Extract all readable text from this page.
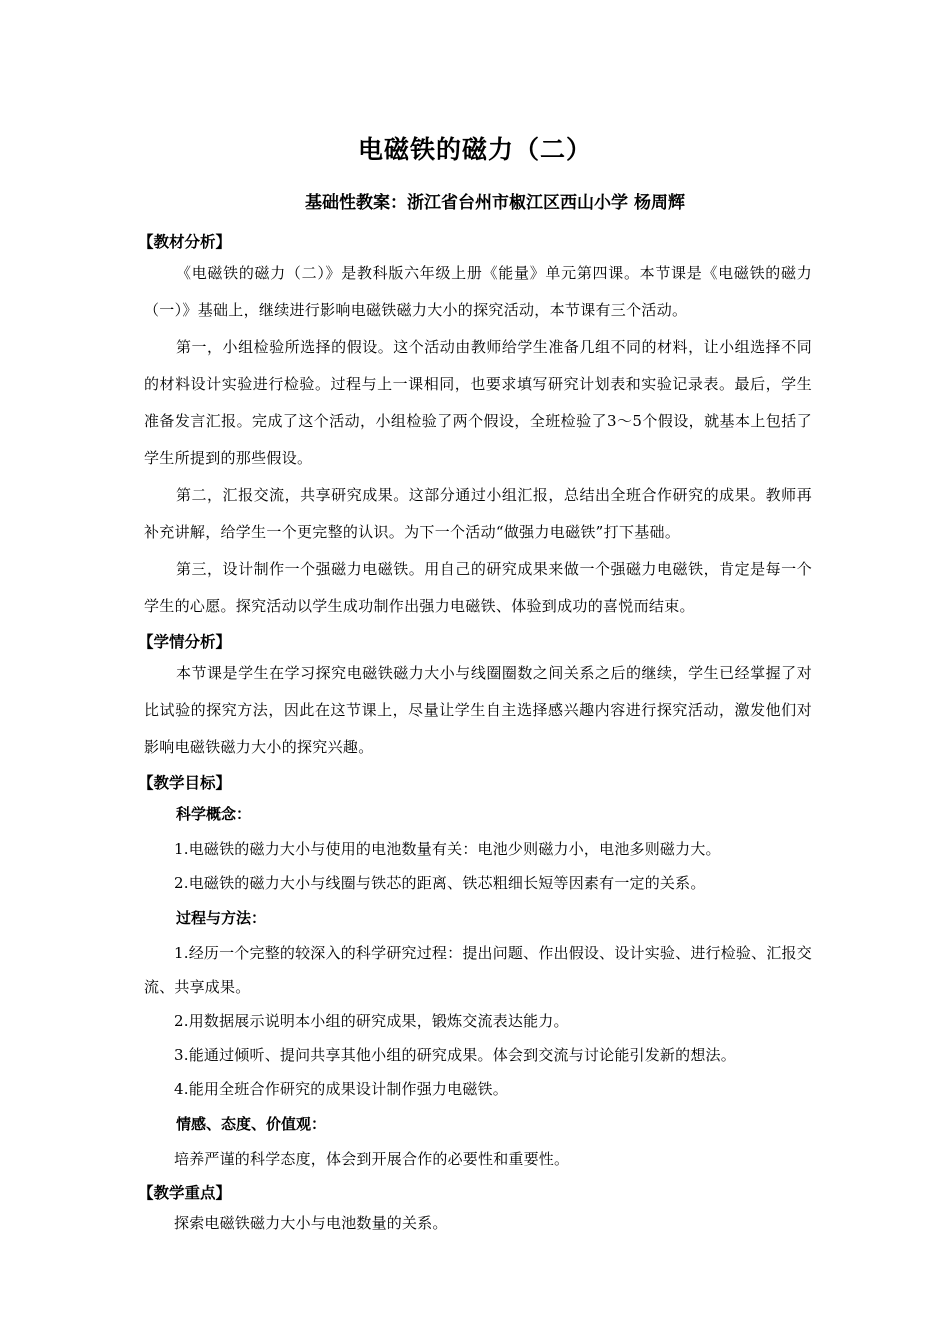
电磁铁的磁力（二）
基础性教案：浙江省台州市椒江区西山小学 杨周辉
【教材分析】
《电磁铁的磁力（二）》是教科版六年级上册《能量》单元第四课。本节课是《电磁铁的磁力（一）》基础上，继续进行影响电磁铁磁力大小的探究活动，本节课有三个活动。
第一，小组检验所选择的假设。这个活动由教师给学生准备几组不同的材料，让小组选择不同的材料设计实验进行检验。过程与上一课相同，也要求填写研究计划表和实验记录表。最后，学生准备发言汇报。完成了这个活动，小组检验了两个假设，全班检验了3～5个假设，就基本上包括了学生所提到的那些假设。
第二，汇报交流，共享研究成果。这部分通过小组汇报，总结出全班合作研究的成果。教师再补充讲解，给学生一个更完整的认识。为下一个活动“做强力电磁铁”打下基础。
第三，设计制作一个强磁力电磁铁。用自己的研究成果来做一个强磁力电磁铁，肯定是每一个学生的心愿。探究活动以学生成功制作出强力电磁铁、体验到成功的喜悦而结束。
【学情分析】
本节课是学生在学习探究电磁铁磁力大小与线圈圈数之间关系之后的继续，学生已经掌握了对比试验的探究方法，因此在这节课上，尽量让学生自主选择感兴趣内容进行探究活动，激发他们对影响电磁铁磁力大小的探究兴趣。
【教学目标】
科学概念：
1.电磁铁的磁力大小与使用的电池数量有关：电池少则磁力小，电池多则磁力大。
2.电磁铁的磁力大小与线圈与铁芯的距离、铁芯粗细长短等因素有一定的关系。
过程与方法：
1.经历一个完整的较深入的科学研究过程：提出问题、作出假设、设计实验、进行检验、汇报交流、共享成果。
2.用数据展示说明本小组的研究成果，锻炼交流表达能力。
3.能通过倾听、提问共享其他小组的研究成果。体会到交流与讨论能引发新的想法。
4.能用全班合作研究的成果设计制作强力电磁铁。
情感、态度、价值观：
培养严谨的科学态度，体会到开展合作的必要性和重要性。
【教学重点】
探索电磁铁磁力大小与电池数量的关系。
